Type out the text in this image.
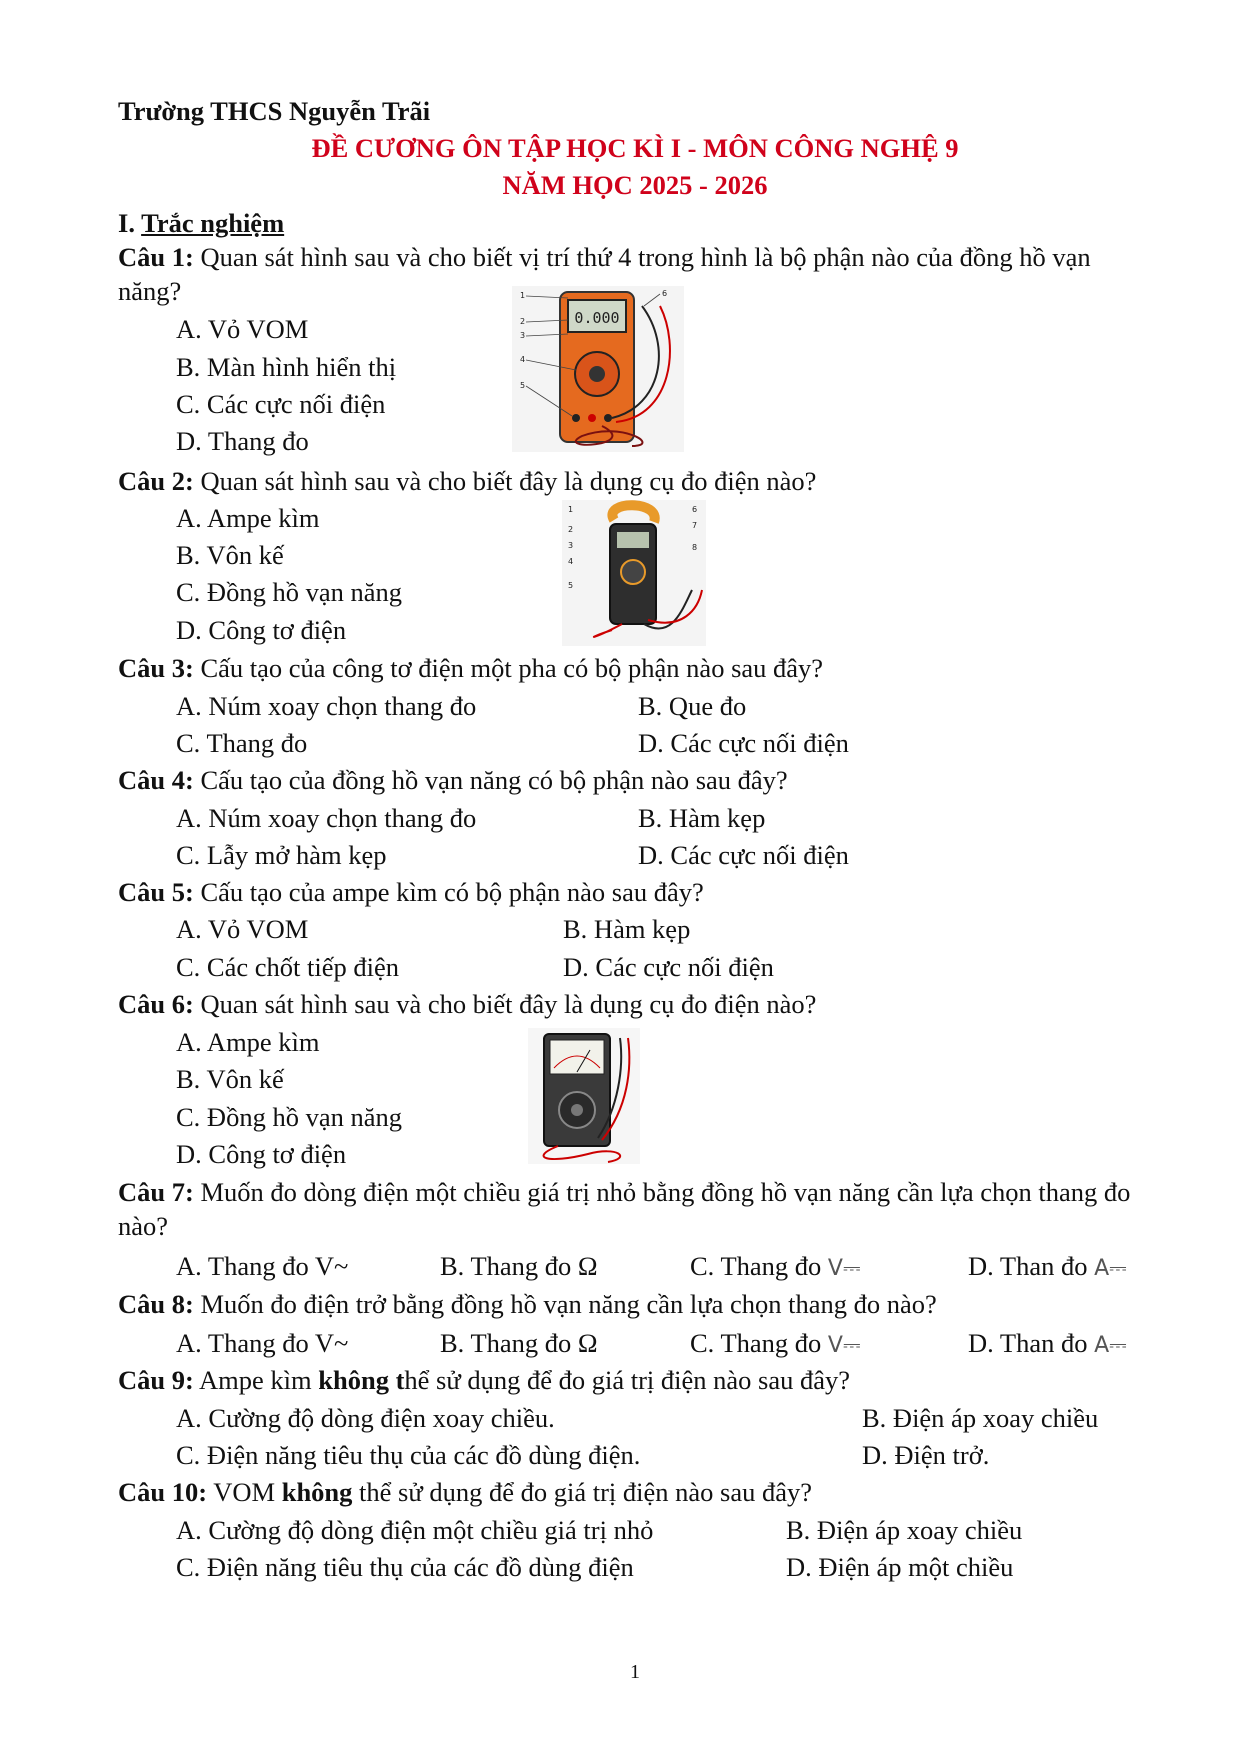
Trường THCS Nguyễn Trãi
ĐỀ CƯƠNG ÔN TẬP HỌC KÌ I - MÔN CÔNG NGHỆ 9
NĂM HỌC 2025 - 2026
I. Trắc nghiệm
Câu 1: Quan sát hình sau và cho biết vị trí thứ 4 trong hình là bộ phận nào của đồng hồ vạn năng?
A. Vỏ VOM
B. Màn hình hiển thị
C. Các cực nối điện
D. Thang đo
0.000
1
2
3
4
5
6
Câu 2: Quan sát hình sau và cho biết đây là dụng cụ đo điện nào?
A. Ampe kìm
B. Vôn kế
C. Đồng hồ vạn năng
D. Công tơ điện
1
2
3
4
5
6
7
8
Câu 3: Cấu tạo của công tơ điện một pha có bộ phận nào sau đây?
A. Núm xoay chọn thang đo	B. Que đo
C. Thang đo	D. Các cực nối điện
Câu 4: Cấu tạo của đồng hồ vạn năng có bộ phận nào sau đây?
A. Núm xoay chọn thang đo	B. Hàm kẹp
C. Lẫy mở hàm kẹp	D. Các cực nối điện
Câu 5: Cấu tạo của ampe kìm có bộ phận nào sau đây?
A. Vỏ VOM	B. Hàm kẹp
C. Các chốt tiếp điện	D. Các cực nối điện
Câu 6: Quan sát hình sau và cho biết đây là dụng cụ đo điện nào?
A. Ampe kìm
B. Vôn kế
C. Đồng hồ vạn năng
D. Công tơ điện
Câu 7: Muốn đo dòng điện một chiều giá trị nhỏ bằng đồng hồ vạn năng cần lựa chọn thang đo nào?
A. Thang đo V~	B. Thang đo Ω	C. Thang đo V⎓	D. Than đo A⎓
Câu 8: Muốn đo điện trở bằng đồng hồ vạn năng cần lựa chọn thang đo nào?
A. Thang đo V~	B. Thang đo Ω	C. Thang đo V⎓	D. Than đo A⎓
Câu 9: Ampe kìm không thể sử dụng để đo giá trị điện nào sau đây?
A. Cường độ dòng điện xoay chiều.	B. Điện áp xoay chiều
C. Điện năng tiêu thụ của các đồ dùng điện.	D. Điện trở.
Câu 10: VOM không thể sử dụng để đo giá trị điện nào sau đây?
A. Cường độ dòng điện một chiều giá trị nhỏ	B. Điện áp xoay chiều
C. Điện năng tiêu thụ của các đồ dùng điện	D. Điện áp một chiều
1
